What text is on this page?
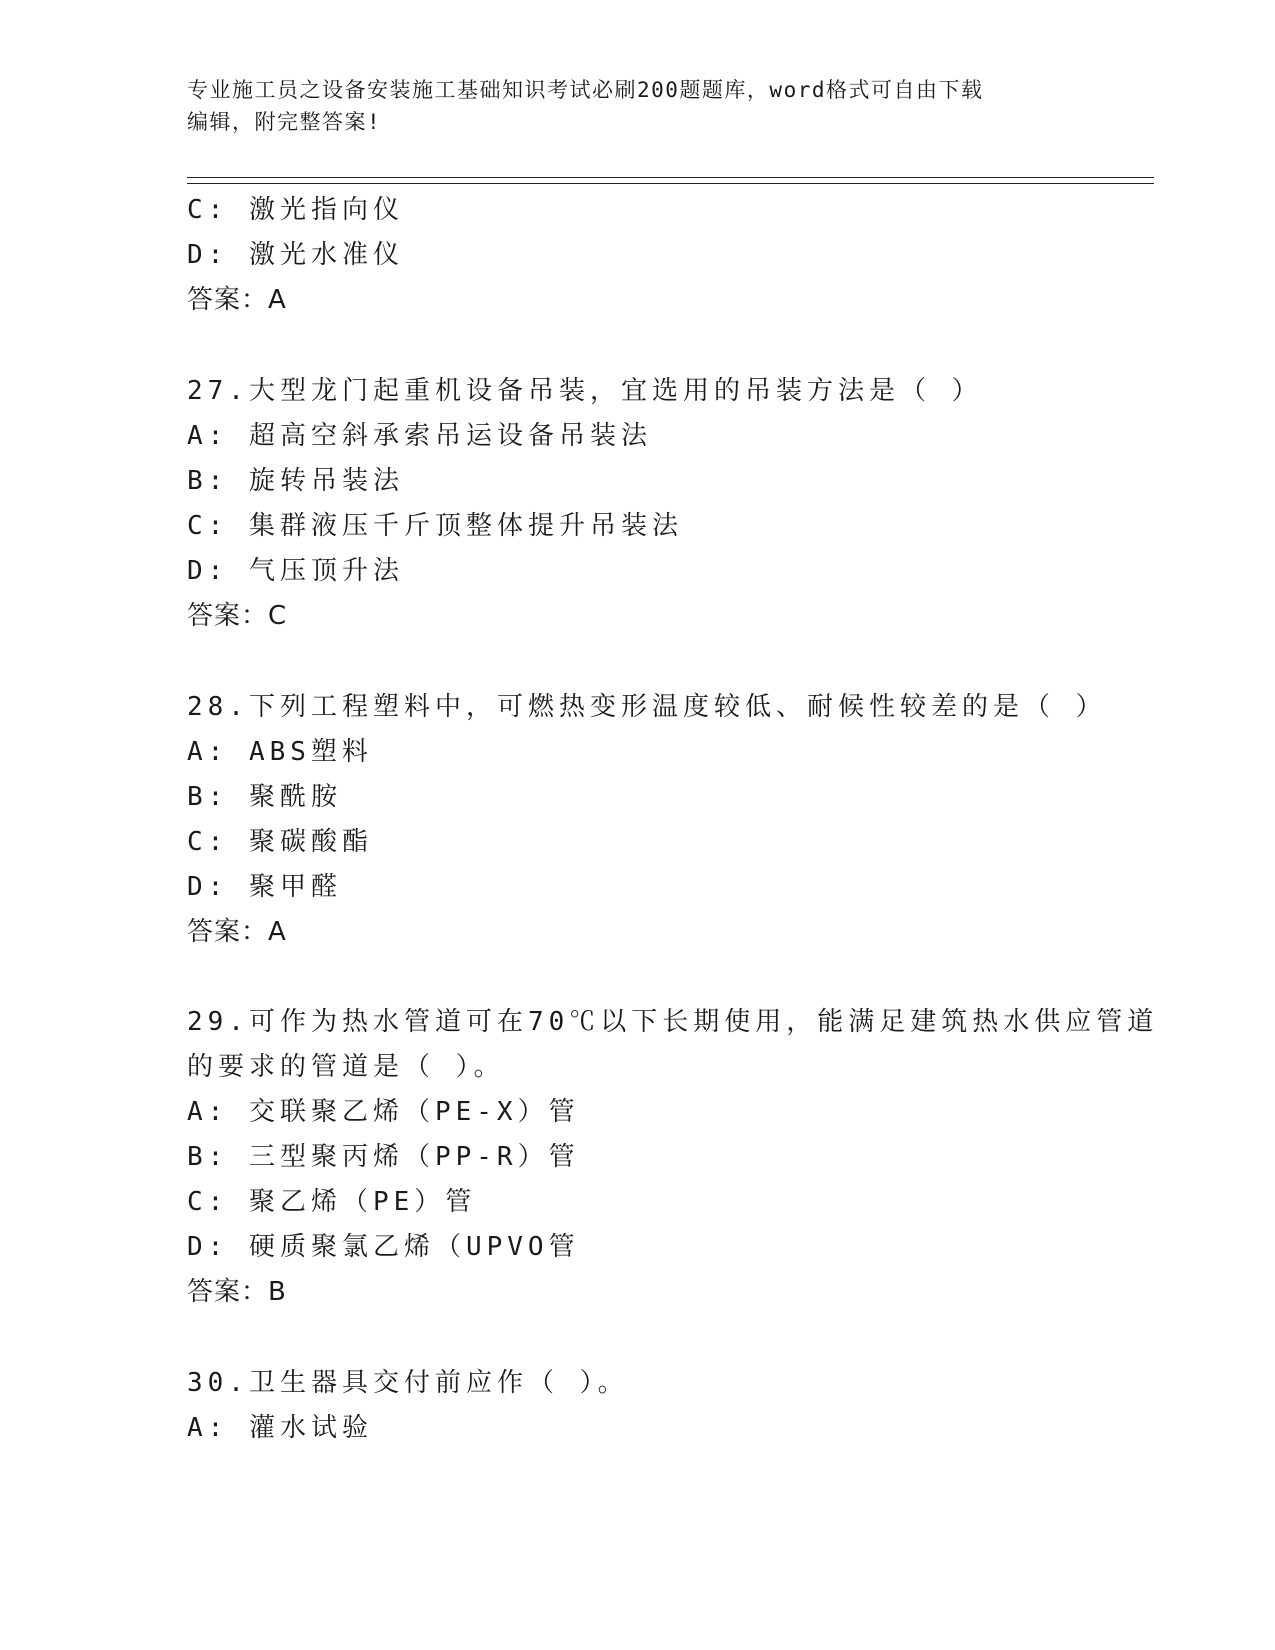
专业施工员之设备安装施工基础知识考试必刷200题题库，word格式可自由下载
编辑，附完整答案!
C: 激光指向仪
D: 激光水准仪
答案：A
27.大型龙门起重机设备吊装，宜选用的吊装方法是（ ）
A: 超高空斜承索吊运设备吊装法
B: 旋转吊装法
C: 集群液压千斤顶整体提升吊装法
D: 气压顶升法
答案：C
28.下列工程塑料中，可燃热变形温度较低、耐候性较差的是（ ）
A: ABS塑料
B: 聚酰胺
C: 聚碳酸酯
D: 聚甲醛
答案：A
29.可作为热水管道可在70℃以下长期使用，能满足建筑热水供应管道
的要求的管道是（ ）。
A: 交联聚乙烯（PE-X）管
B: 三型聚丙烯（PP-R）管
C: 聚乙烯（PE）管
D: 硬质聚氯乙烯（UPVO管
答案：B
30.卫生器具交付前应作（ ）。
A: 灌水试验
